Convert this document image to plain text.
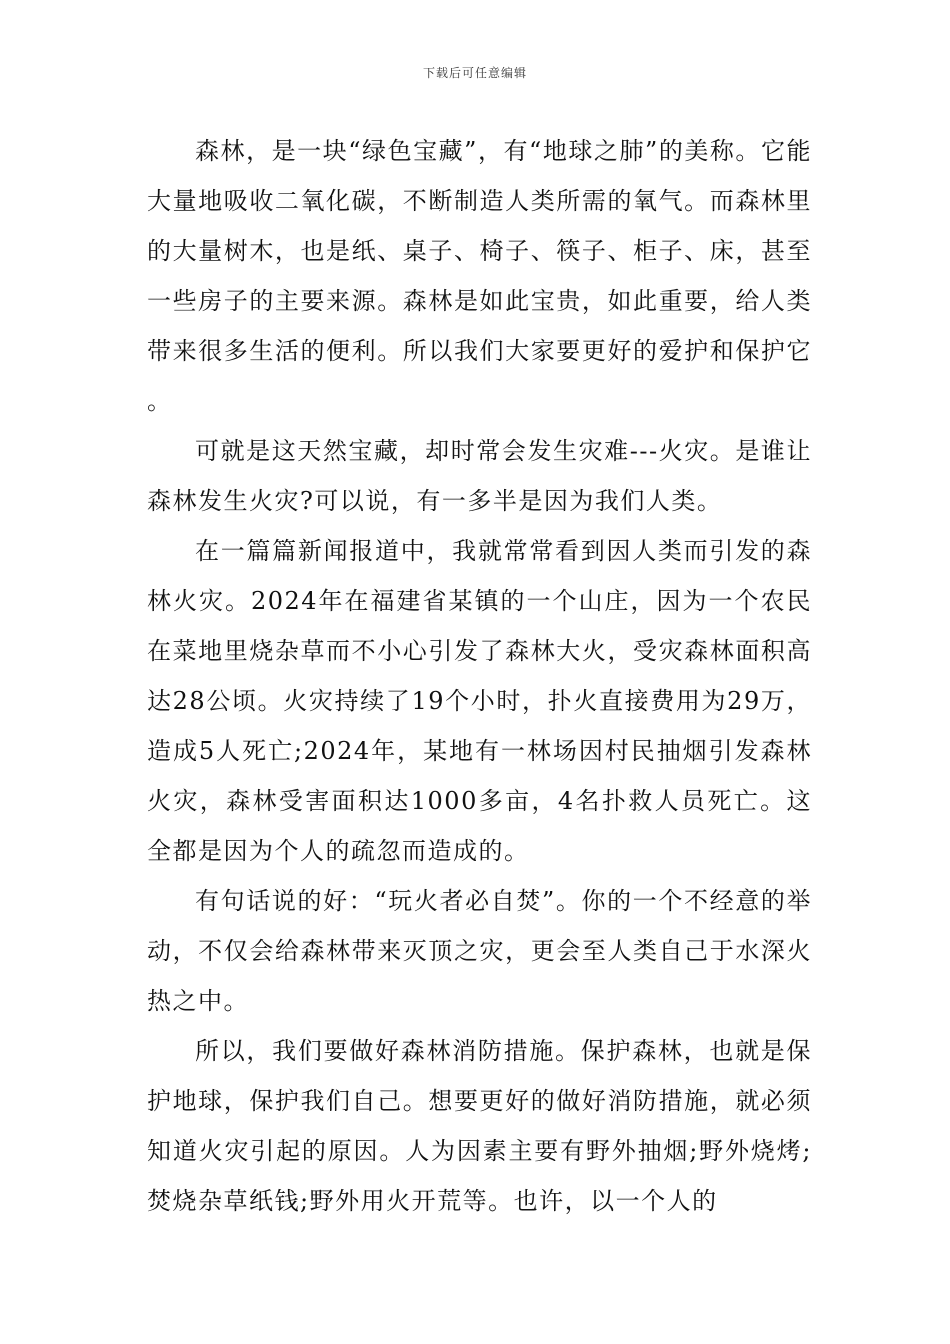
下载后可任意编辑

森林，是一块“绿色宝藏”，有“地球之肺”的美称。它能大量地吸收二氧化碳，不断制造人类所需的氧气。而森林里的大量树木，也是纸、桌子、椅子、筷子、柜子、床，甚至一些房子的主要来源。森林是如此宝贵，如此重要，给人类带来很多生活的便利。所以我们大家要更好的爱护和保护它。

可就是这天然宝藏，却时常会发生灾难---火灾。是谁让森林发生火灾?可以说，有一多半是因为我们人类。

在一篇篇新闻报道中，我就常常看到因人类而引发的森林火灾。2024年在福建省某镇的一个山庄，因为一个农民在菜地里烧杂草而不小心引发了森林大火，受灾森林面积高达28公顷。火灾持续了19个小时，扑火直接费用为29万，造成5人死亡;2024年，某地有一林场因村民抽烟引发森林火灾，森林受害面积达1000多亩，4名扑救人员死亡。这全都是因为个人的疏忽而造成的。

有句话说的好：“玩火者必自焚”。你的一个不经意的举动，不仅会给森林带来灭顶之灾，更会至人类自己于水深火热之中。

所以，我们要做好森林消防措施。保护森林，也就是保护地球，保护我们自己。想要更好的做好消防措施，就必须知道火灾引起的原因。人为因素主要有野外抽烟;野外烧烤;焚烧杂草纸钱;野外用火开荒等。也许，以一个人的
